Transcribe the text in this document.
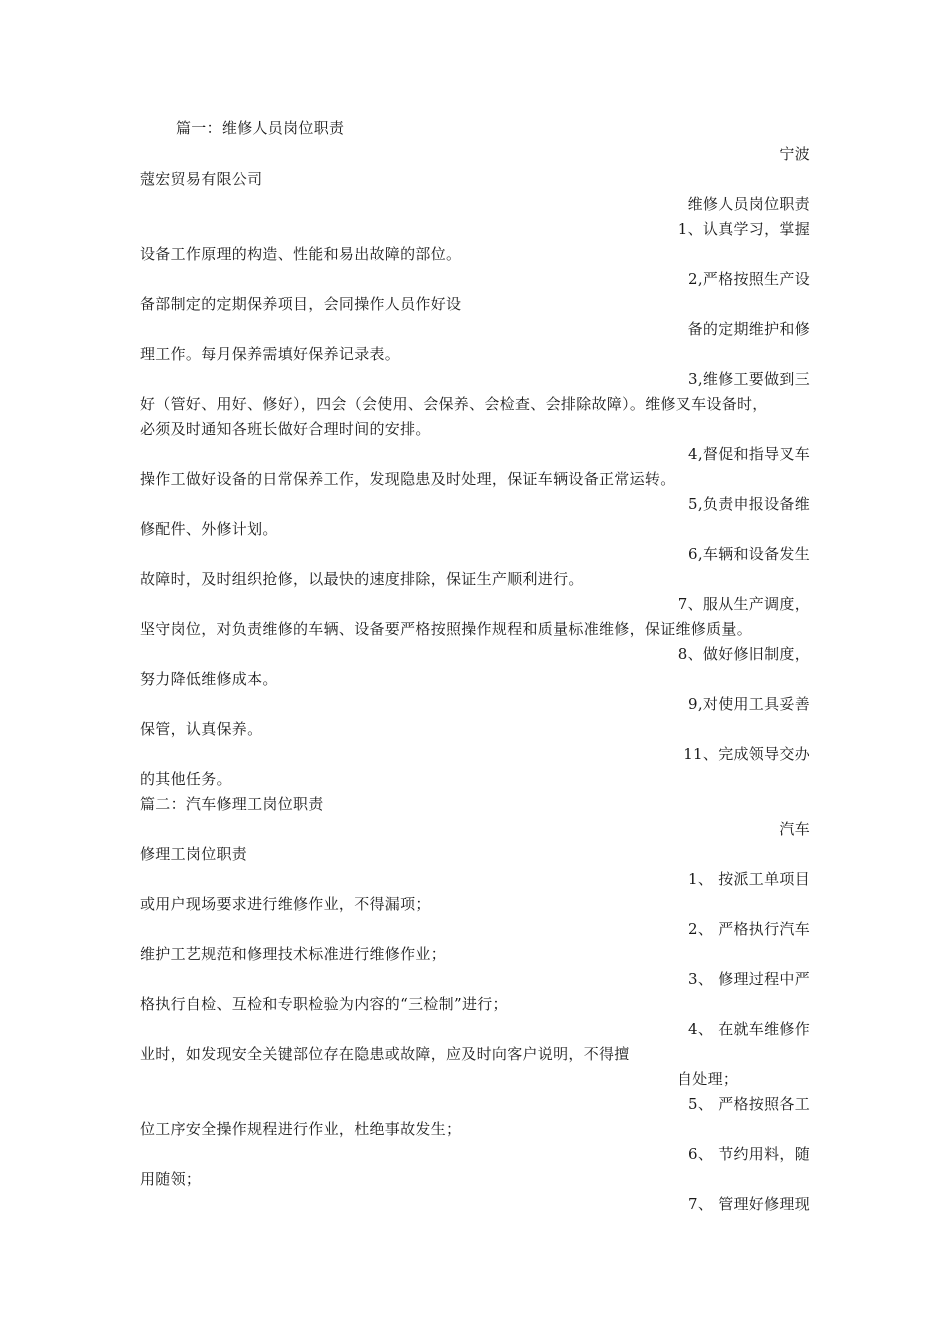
篇一：维修人员岗位职责
宁波
蔻宏贸易有限公司
维修人员岗位职责
1、认真学习，掌握
设备工作原理的构造、性能和易出故障的部位。
2,严格按照生产设
备部制定的定期保养项目，会同操作人员作好设
备的定期维护和修
理工作。每月保养需填好保养记录表。
3,维修工要做到三
好（管好、用好、修好），四会（会使用、会保养、会检查、会排除故障）。维修叉车设备时，
必须及时通知各班长做好合理时间的安排。
4,督促和指导叉车
操作工做好设备的日常保养工作，发现隐患及时处理，保证车辆设备正常运转。
5,负责申报设备维
修配件、外修计划。
6,车辆和设备发生
故障时，及时组织抢修，以最快的速度排除，保证生产顺利进行。
7、服从生产调度，
坚守岗位，对负责维修的车辆、设备要严格按照操作规程和质量标准维修，保证维修质量。
8、做好修旧制度，
努力降低维修成本。
9,对使用工具妥善
保管，认真保养。
11、完成领导交办
的其他任务。
篇二：汽车修理工岗位职责
汽车
修理工岗位职责
1、 按派工单项目
或用户现场要求进行维修作业，不得漏项；
2、 严格执行汽车
维护工艺规范和修理技术标准进行维修作业；
3、 修理过程中严
格执行自检、互检和专职检验为内容的“三检制”进行；
4、 在就车维修作
业时，如发现安全关键部位存在隐患或故障，应及时向客户说明，不得擅
自处理；
5、 严格按照各工
位工序安全操作规程进行作业，杜绝事故发生；
6、 节约用料，随
用随领；
7、 管理好修理现
